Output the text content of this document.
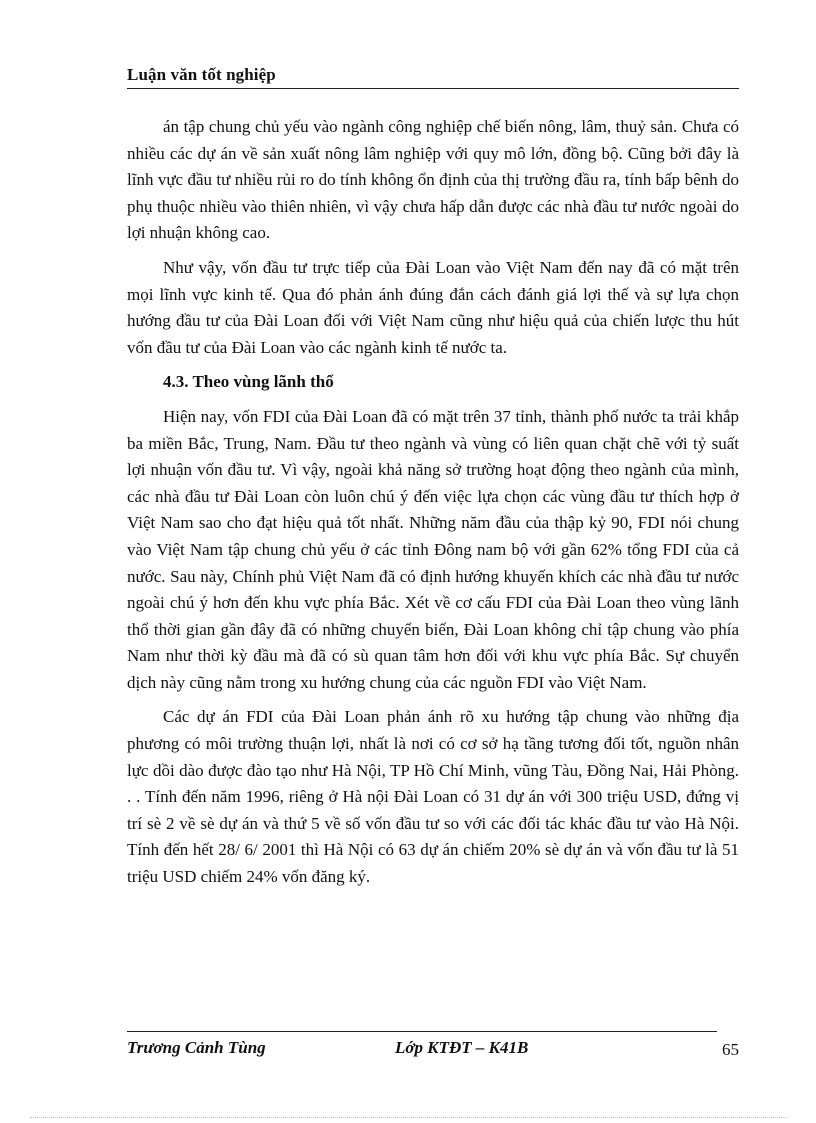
Luận văn tốt nghiệp

án tập chung chủ yếu vào ngành công nghiệp chế biến nông, lâm, thuỷ sản. Chưa có nhiều các dự án về sản xuất nông lâm nghiệp với quy mô lớn, đồng bộ. Cũng bởi đây là lĩnh vực đầu tư nhiều rủi ro do tính không ổn định của thị trường đầu ra, tính bấp bênh do phụ thuộc nhiều vào thiên nhiên, vì vậy chưa hấp dẫn được các nhà đầu tư nước ngoài do lợi nhuận không cao.

Như vậy, vốn đầu tư trực tiếp của Đài Loan vào Việt Nam đến nay đã có mặt trên mọi lĩnh vực kinh tế. Qua đó phản ánh đúng đắn cách đánh giá lợi thế và sự lựa chọn hướng đầu tư của Đài Loan đối với Việt Nam cũng như hiệu quả của chiến lược thu hút vốn đầu tư của Đài Loan vào các ngành kinh tế nước ta.

4.3. Theo vùng lãnh thổ

Hiện nay, vốn FDI của Đài Loan đã có mặt trên 37 tỉnh, thành phố nước ta trải khắp ba miền Bắc, Trung, Nam. Đầu tư theo ngành và vùng có liên quan chặt chẽ với tỷ suất lợi nhuận vốn đầu tư. Vì vậy, ngoài khả năng sở trường hoạt động theo ngành của mình, các nhà đầu tư Đài Loan còn luôn chú ý đến việc lựa chọn các vùng đầu tư thích hợp ở Việt Nam sao cho đạt hiệu quả tốt nhất. Những năm đầu của thập kỷ 90, FDI nói chung vào Việt Nam tập chung chủ yếu ở các tỉnh Đông nam bộ với gần 62% tổng FDI của cả nước. Sau này, Chính phủ Việt Nam đã có định hướng khuyến khích các nhà đầu tư nước ngoài chú ý hơn đến khu vực phía Bắc. Xét về cơ cấu FDI của Đài Loan theo vùng lãnh thổ thời gian gần đây đã có những chuyển biến, Đài Loan không chỉ tập chung vào phía Nam như thời kỳ đầu mà đã có sù quan tâm hơn đối với khu vực phía Bắc. Sự chuyển dịch này cũng nằm trong xu hướng chung của các nguồn FDI vào Việt Nam.

Các dự án FDI của Đài Loan phản ánh rõ xu hướng tập chung vào những địa phương có môi trường thuận lợi, nhất là nơi có cơ sở hạ tầng tương đối tốt, nguồn nhân lực dồi dào được đào tạo như Hà Nội, TP Hồ Chí Minh, vũng Tàu, Đồng Nai, Hải Phòng. . . Tính đến năm 1996, riêng ở Hà nội Đài Loan có 31 dự án với 300 triệu USD, đứng vị trí sè 2 về sè dự án và thứ 5 về số vốn đầu tư so với các đối tác khác đầu tư vào Hà Nội. Tính đến hết 28/ 6/ 2001 thì Hà Nội có 63 dự án chiếm 20% sè dự án và vốn đầu tư là 51 triệu USD chiếm 24% vốn đăng ký.

Trương Cảnh Tùng	Lớp KTĐT – K41B	65
